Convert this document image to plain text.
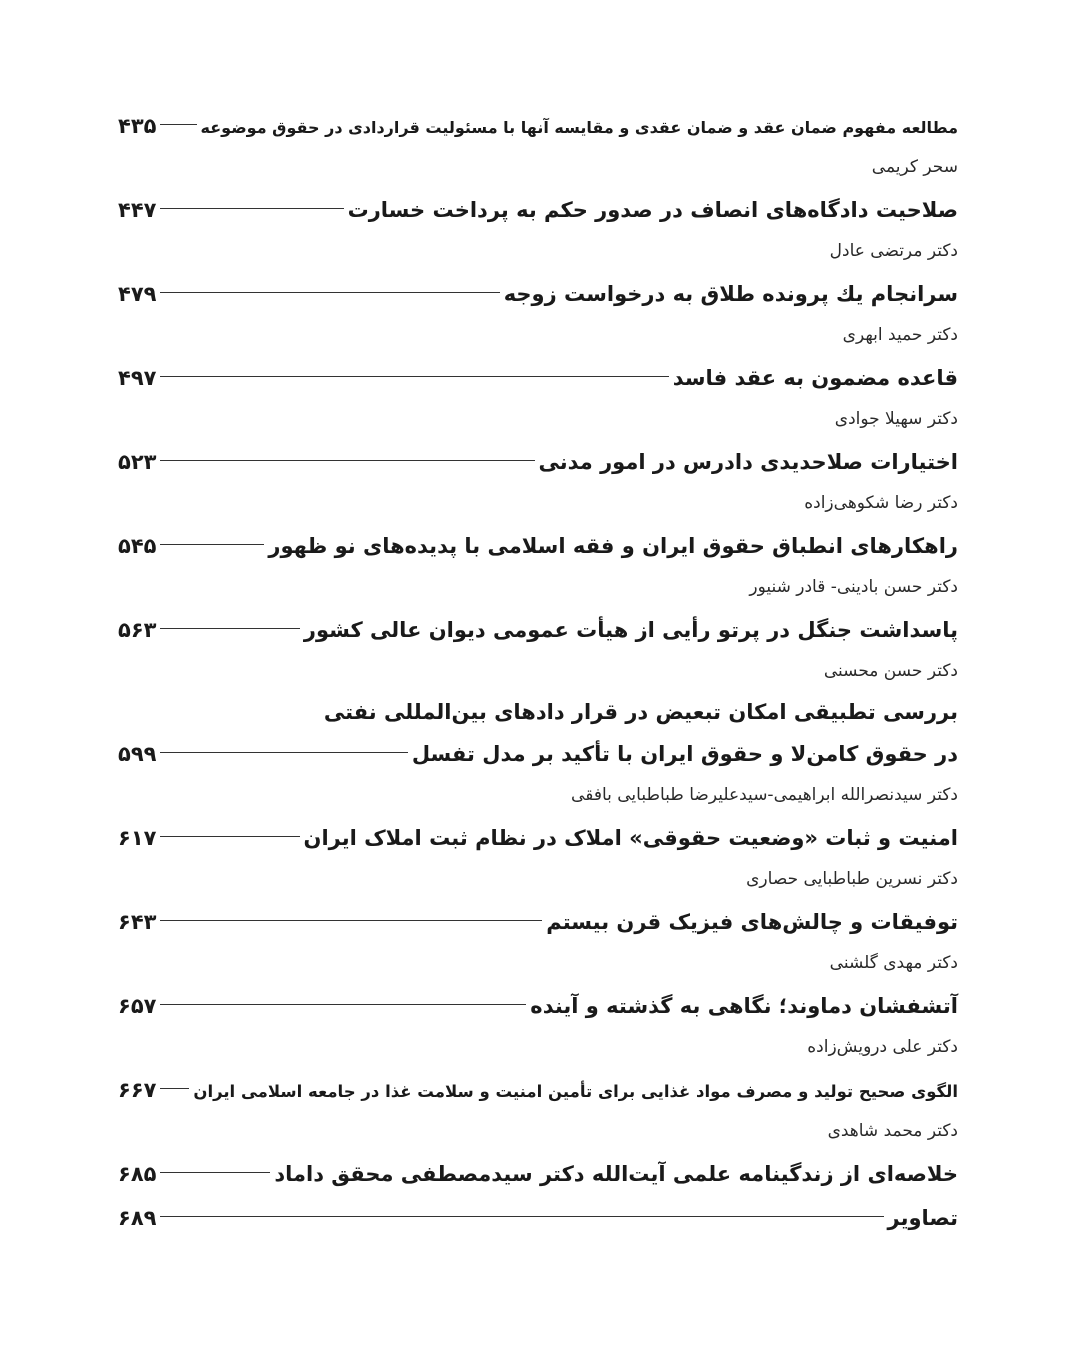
مطالعه مفهوم ضمان عقد و ضمان عقدی و مقایسه آنها با مسئولیت قراردادی در حقوق موضوعه
۴۳۵
سحر کریمی
صلاحیت دادگاه‌های انصاف در صدور حکم به پرداخت خسارت
۴۴۷
دکتر مرتضی عادل
سرانجام یك پرونده طلاق به درخواست زوجه
۴۷۹
دکتر حمید ابهری
قاعده مضمون به عقد فاسد
۴۹۷
دکتر سهیلا جوادی
اختیارات صلاحدیدی دادرس در امور مدنی
۵۲۳
دکتر رضا شکوهی‌زاده
راهکارهای انطباق حقوق ایران و فقه اسلامی با پدیده‌های نو ظهور
۵۴۵
دکتر حسن بادینی- قادر شنیور
پاسداشت جنگل در پرتو رأیی از هیأت عمومی دیوان عالی کشور
۵۶۳
دکتر حسن محسنی
بررسی تطبیقی امکان تبعیض در قرار دادهای بین‌المللی نفتی
در حقوق کامن‌لا و حقوق ایران با تأکید بر مدل تفسل
۵۹۹
دکتر سیدنصرالله ابراهیمی-سیدعلیرضا طباطبایی بافقی
امنیت و ثبات «وضعیت حقوقی» املاک در نظام ثبت املاک ایران
۶۱۷
دکتر نسرین طباطبایی حصاری
توفیقات و چالش‌های فیزیک قرن بیستم
۶۴۳
دکتر مهدی گلشنی
آتشفشان دماوند؛ نگاهی به گذشته و آینده
۶۵۷
دکتر علی درویش‌زاده
الگوی صحیح تولید و مصرف مواد غذایی برای تأمین امنیت و سلامت غذا در جامعه اسلامی ایران
۶۶۷
دکتر محمد شاهدی
خلاصه‌ای از زندگینامه علمی آیت‌الله دکتر سیدمصطفی محقق داماد
۶۸۵
تصاویر
۶۸۹
